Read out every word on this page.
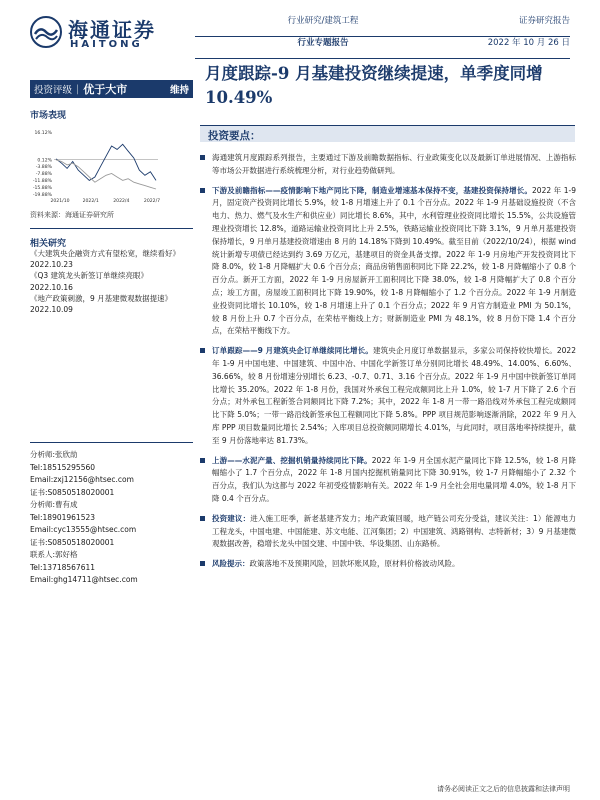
海通证券
HAITONG
行业研究/建筑工程
行业专题报告
证券研究报告
2022 年 10 月 26 日
投资评级 | 优于大市	维持
市场表现
16.12%
0.12%
-3.88%
-7.88%
-11.88%
-15.88%
-19.88%
2021/10	2022/1	2022/4	2022/7
资料来源：海通证券研究所
相关研究
《大建筑央企融资方式有望松宽，继续看好》2022.10.23
《Q3 建筑龙头新签订单继续亮眼》2022.10.16
《地产政策刺激，9 月基建微观数据提速》2022.10.09
分析师:张欣劼
Tel:18515295560
Email:zxj12156@htsec.com
证书:S0850518020001
分析师:曹有成
Tel:18901961523
Email:cyc13555@htsec.com
证书:S0850518020001
联系人:郭好格
Tel:13718567611
Email:ghg14711@htsec.com
月度跟踪-9 月基建投资继续提速，单季度同增 10.49%
投资要点：
海通建筑月度跟踪系列报告，主要通过下游及前瞻数据指标、行业政策变化以及最新订单进展情况、上游指标等市场公开数据进行系统梳理分析，对行业趋势做研判。
下游及前瞻指标——疫情影响下地产同比下降，制造业增速基本保持不变，基建投资保持增长。2022 年 1-9 月，固定资产投资同比增长 5.9%，较 1-8 月增速上升了 0.1 个百分点。2022 年 1-9 月基础设施投资（不含电力、热力、燃气及水生产和供应业）同比增长 8.6%，其中，水利管理业投资同比增长 15.5%，公共设施管理业投资增长 12.8%，道路运输业投资同比上升 2.5%，铁路运输业投资同比下降 3.1%，9 月单月基建投资保持增长，9 月单月基建投资增速由 8 月的 14.18%下降到 10.49%。截至目前（2022/10/24），根据 wind 统计新增专项债已经达到约 3.69 万亿元，基建项目的资金具备支撑。2022 年 1-9 月房地产开发投资同比下降 8.0%，较 1-8 月降幅扩大 0.6 个百分点；商品房销售面积同比下降 22.2%，较 1-8 月降幅缩小了 0.8 个百分点。新开工方面，2022 年 1-9 月房屋新开工面积同比下降 38.0%，较 1-8 月降幅扩大了 0.8 个百分点；竣工方面，房屋竣工面积同比下降 19.90%，较 1-8 月降幅缩小了 1.2 个百分点。2022 年 1-9 月制造业投资同比增长 10.10%，较 1-8 月增速上升了 0.1 个百分点；2022 年 9 月官方制造业 PMI 为 50.1%，较 8 月份上升 0.7 个百分点，在荣枯平衡线上方；财新制造业 PMI 为 48.1%，较 8 月份下降 1.4 个百分点，在荣枯平衡线下方。
订单跟踪——9 月建筑央企订单继续同比增长。建筑央企月度订单数据显示，多家公司保持较快增长。2022 年 1-9 月中国电建、中国建筑、中国中冶、中国化学新签订单分别同比增长 48.49%、14.00%、6.60%、36.66%，较 8 月份增速分别增长 6.23、-0.7、0.71、3.16 个百分点。2022 年 1-9 月中国中铁新签订单同比增长 35.20%。2022 年 1-8 月份，我国对外承包工程完成额同比上升 1.0%，较 1-7 月下降了 2.6 个百分点；对外承包工程新签合同额同比下降 7.2%；其中，2022 年 1-8 月一带一路沿线对外承包工程完成额同比下降 5.0%；一带一路沿线新签承包工程额同比下降 5.8%。PPP 项目规范影响逐渐消除，2022 年 9 月入库 PPP 项目数量同比增长 2.54%；入库项目总投资额同期增长 4.01%，与此同时，项目落地率持续提升，截至 9 月份落地率达 81.73%。
上游——水泥产量、挖掘机销量持续同比下降。2022 年 1-9 月全国水泥产量同比下降 12.5%，较 1-8 月降幅缩小了 1.7 个百分点，2022 年 1-8 月国内挖掘机销量同比下降 30.91%，较 1-7 月降幅缩小了 2.32 个百分点，我们认为这都与 2022 年初受疫情影响有关。2022 年 1-9 月全社会用电量同增 4.0%，较 1-8 月下降 0.4 个百分点。
投资建议：进入施工旺季，新老基建齐发力；地产政策回暖，地产链公司充分受益，建议关注：1）能源电力工程龙头，中国电建、中国能建、苏文电能、江河集团；2）中国建筑、鸿路钢构、志特新材；3）9 月基建微观数据改善，稳增长龙头中国交建、中国中铁、华设集团、山东路桥。
风险提示：政策落地不及预期风险，回款坏账风险，原材料价格波动风险。
请务必阅读正文之后的信息披露和法律声明
